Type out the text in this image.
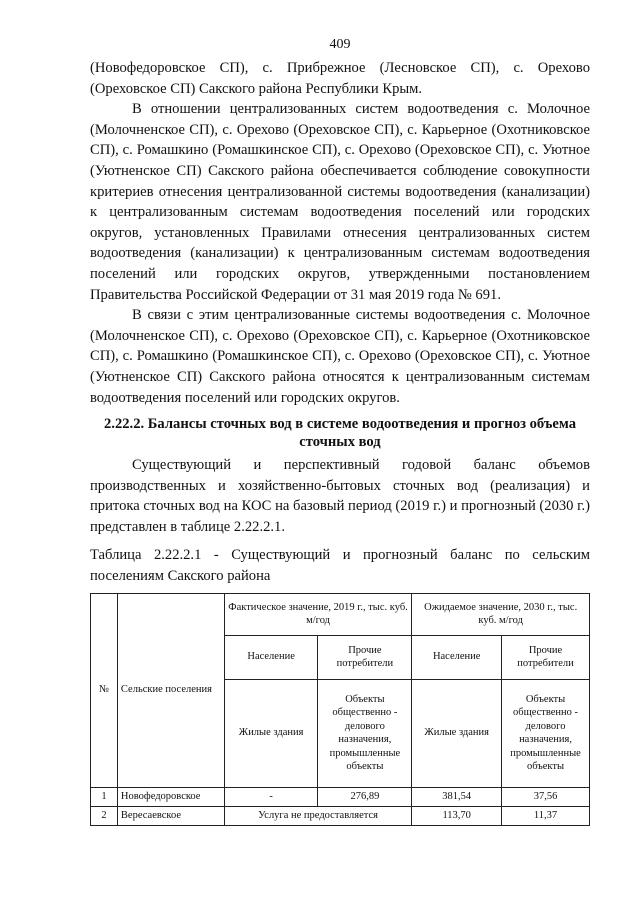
409

(Новофедоровское СП), с. Прибрежное (Лесновское СП), с. Орехово (Ореховское СП) Сакского района Республики Крым.

В отношении централизованных систем водоотведения с. Молочное (Молочненское СП), с. Орехово (Ореховское СП), с. Карьерное (Охотниковское СП), с. Ромашкино (Ромашкинское СП), с. Орехово (Ореховское СП), с. Уютное (Уютненское СП) Сакского района обеспечивается соблюдение совокупности критериев отнесения централизованной системы водоотведения (канализации) к централизованным системам водоотведения поселений или городских округов, установленных Правилами отнесения централизованных систем водоотведения (канализации) к централизованным системам водоотведения поселений или городских округов, утвержденными постановлением Правительства Российской Федерации от 31 мая 2019 года № 691.

В связи с этим централизованные системы водоотведения с. Молочное (Молочненское СП), с. Орехово (Ореховское СП), с. Карьерное (Охотниковское СП), с. Ромашкино (Ромашкинское СП), с. Орехово (Ореховское СП), с. Уютное (Уютненское СП) Сакского района относятся к централизованным системам водоотведения поселений или городских округов.

2.22.2. Балансы сточных вод в системе водоотведения и прогноз объема сточных вод

Существующий и перспективный годовой баланс объемов производственных и хозяйственно-бытовых сточных вод (реализация) и притока сточных вод на КОС на базовый период (2019 г.) и прогнозный (2030 г.) представлен в таблице 2.22.2.1.

Таблица 2.22.2.1 - Существующий и прогнозный баланс по сельским поселениям Сакского района
№	Сельские поселения	Фактическое значение, 2019 г., тыс. куб. м/год		Ожидаемое значение, 2030 г., тыс. куб. м/год	
		Население	Прочие потребители	Население	Прочие потребители
		Жилые здания	Объекты общественно - делового назначения, промышленные объекты	Жилые здания	Объекты общественно - делового назначения, промышленные объекты
1	Новофедоровское	-	276,89	381,54	37,56
2	Вересаевское	Услуга не предоставляется		113,70	11,37
